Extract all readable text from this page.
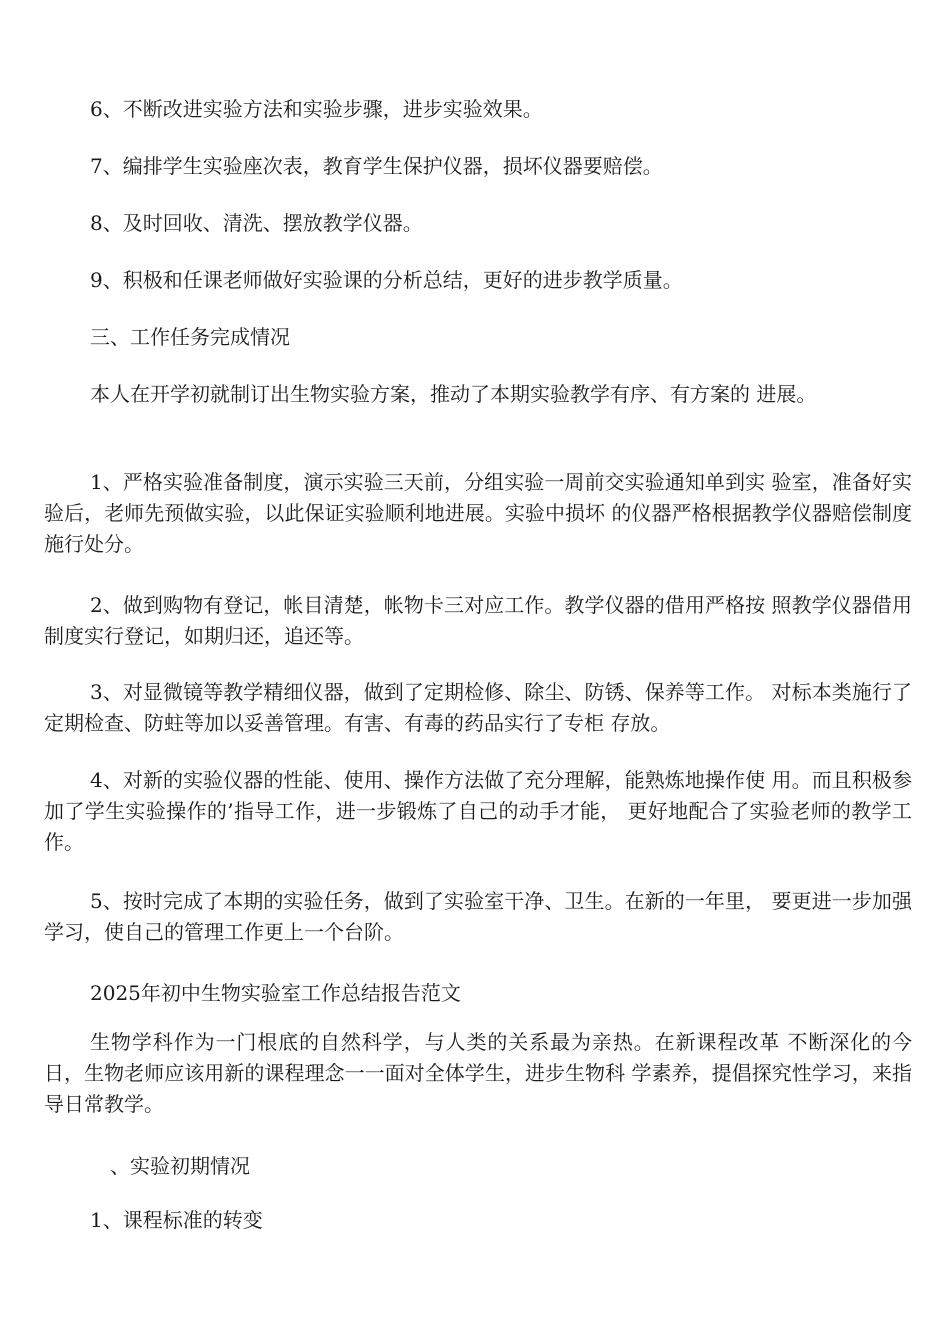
6、不断改进实验方法和实验步骤，进步实验效果。

7、编排学生实验座次表，教育学生保护仪器，损坏仪器要赔偿。

8、及时回收、清洗、摆放教学仪器。

9、积极和任课老师做好实验课的分析总结，更好的进步教学质量。

三、工作任务完成情况

本人在开学初就制订出生物实验方案，推动了本期实验教学有序、有方案的 进展。

1、严格实验准备制度，演示实验三天前，分组实验一周前交实验通知单到实 验室，准备好实验后，老师先预做实验，以此保证实验顺利地进展。实验中损坏 的仪器严格根据教学仪器赔偿制度施行处分。

2、做到购物有登记，帐目清楚，帐物卡三对应工作。教学仪器的借用严格按 照教学仪器借用制度实行登记，如期归还，追还等。

3、对显微镜等教学精细仪器，做到了定期检修、除尘、防锈、保养等工作。 对标本类施行了定期检查、防蛀等加以妥善管理。有害、有毒的药品实行了专柜 存放。

4、对新的实验仪器的性能、使用、操作方法做了充分理解，能熟炼地操作使 用。而且积极参加了学生实验操作的’指导工作，进一步锻炼了自己的动手才能， 更好地配合了实验老师的教学工作。

5、按时完成了本期的实验任务，做到了实验室干净、卫生。在新的一年里， 要更进一步加强学习，使自己的管理工作更上一个台阶。

2025年初中生物实验室工作总结报告范文

生物学科作为一门根底的自然科学，与人类的关系最为亲热。在新课程改革 不断深化的今日，生物老师应该用新的课程理念一一面对全体学生，进步生物科 学素养，提倡探究性学习，来指导日常教学。

、实验初期情况

1、课程标准的转变
